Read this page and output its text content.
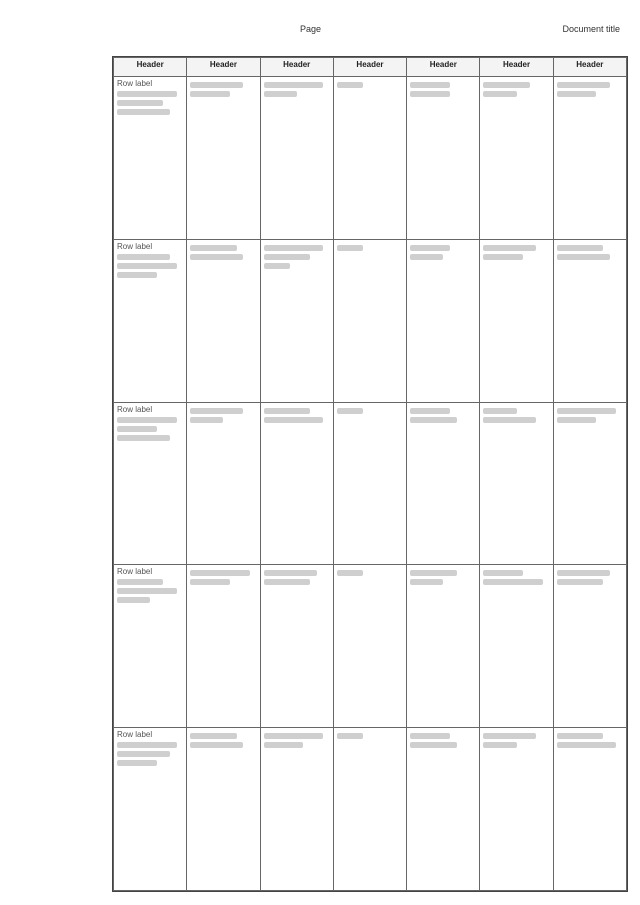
Page	Document title
Header	Header	Header	Header	Header	Header	Header

Row label						

Row label						

Row label						

Row label						

Row label						
